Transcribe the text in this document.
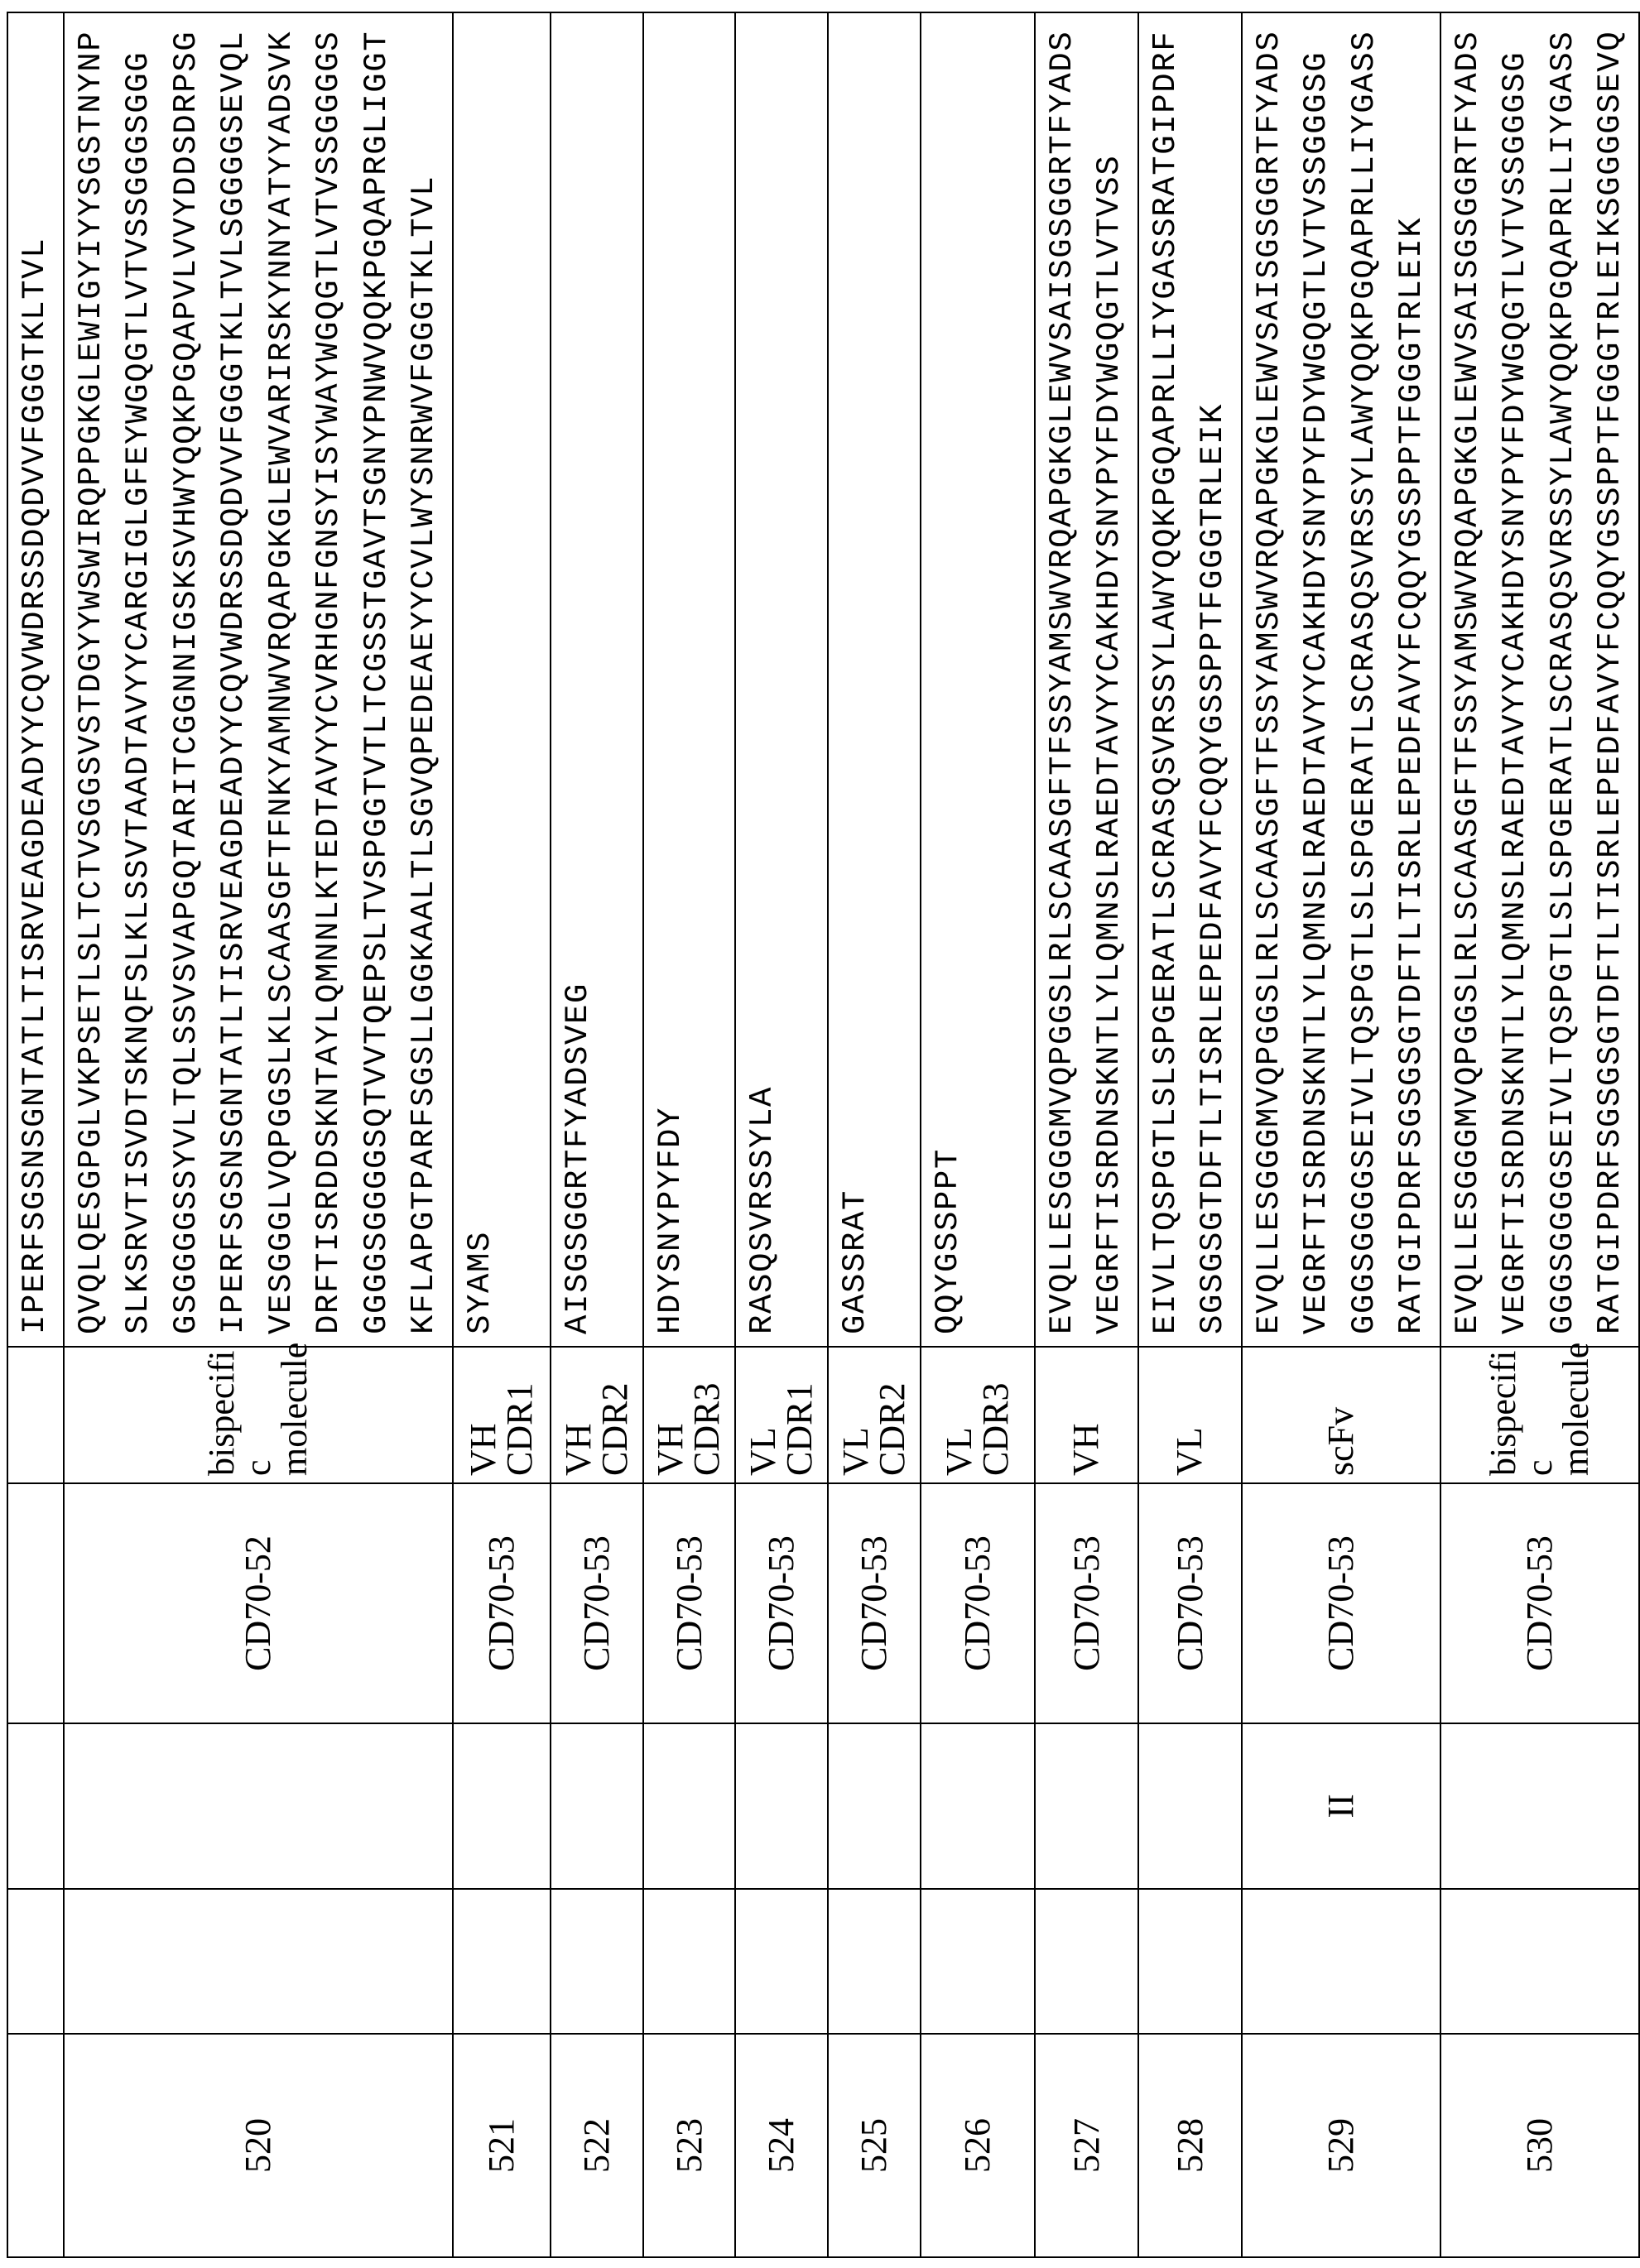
IPERFSGSNSGNTATLTISRVEAGDEADYYCQVWDRSSDQDVVFGGGTKLTVL

520			CD70-52	bispecifi c molecule	
QVQLQESGPGLVKPSETLSLTCTVSGGSVSTDGYYWSWIRQPPGKGLEWIGYIYYSGSTNYNP SLKSRVTISVDTSKNQFSLKLSSVTAADTAVYYCARGIGLGFEYWGQGTLVTVSSGGGSGGG GSGGGGSSYVLTQLSSVSVAPGQTARITCGGNNIGSKSVHWYQQKPGQAPVLVVYDDSDRPSG IPERFSGSNSGNTATLTISRVEAGDEADYYCQVWDRSSDQDVVFGGGTKLTVLSGGGGSEVQL VESGGGLVQPGGSLKLSCAASGFTFNKYAMNWVRQAPGKGLEWVARIRSKYNNYATYYADSVK DRFTISRDDSKNTAYLQMNNLKTEDTAVYYCVRHGNFGNSYISYWAYWGQGTLVTVSSGGGGS GGGGSGGGGSQTVVTQEPSLTVSPGGTVTLTCGSSTGAVTSGNYPNWVQQKPGQAPRGLIGGT KFLAPGTPARFSGSLLGGKAALTLSGVQPEDEAEYYCVLWYSNRWVFGGGTKLTVL

521			CD70-53	VH CDR1	
SYAMS

522			CD70-53	VH CDR2	
AISGSGGRTFYADSVEG

523			CD70-53	VH CDR3	
HDYSNYPYFDY

524			CD70-53	VL CDR1	
RASQSVRSSYLA

525			CD70-53	VL CDR2	
GASSRAT

526			CD70-53	VL CDR3	
QQYGSSPPT

527			CD70-53	VH	
EVQLLESGGGMVQPGGSLRLSCAASGFTFSSYAMSWVRQAPGKGLEWVSAISGSGGRTFYADS VEGRFTISRDNSKNTLYLQMNSLRAEDTAVYYCAKHDYSNYPYFDYWGQGTLVTVSS

528			CD70-53	VL	
EIVLTQSPGTLSLSPGERATLSCRASQSVRSSYLAWYQQKPGQAPRLLIYGASSRATGIPDRF SGSGSGTDFTLTISRLEPEDFAVYFCQQYGSSPPTFGGGTRLEIK

529		II	CD70-53	scFv	
EVQLLESGGGMVQPGGSLRLSCAASGFTFSSYAMSWVRQAPGKGLEWVSAISGSGGRTFYADS VEGRFTISRDNSKNTLYLQMNSLRAEDTAVYYCAKHDYSNYPYFDYWGQGTLVTVSSGGGSG GGGSGGGGSEIVLTQSPGTLSLSPGERATLSCRASQSVRSSYLAWYQQKPGQAPRLLIYGASS RATGIPDRFSGSGSGTDFTLTISRLEPEDFAVYFCQQYGSSPPTFGGGTRLEIK

530			CD70-53	bispecifi c molecule	
EVQLLESGGGMVQPGGSLRLSCAASGFTFSSYAMSWVRQAPGKGLEWVSAISGSGGRTFYADS VEGRFTISRDNSKNTLYLQMNSLRAEDTAVYYCAKHDYSNYPYFDYWGQGTLVTVSSGGGSG GGGSGGGGSEIVLTQSPGTLSLSPGERATLSCRASQSVRSSYLAWYQQKPGQAPRLLIYGASS RATGIPDRFSGSGSGTDFTLTISRLEPEDFAVYFCQQYGSSPPTFGGGTRLEIKSGGGGSEVQ
